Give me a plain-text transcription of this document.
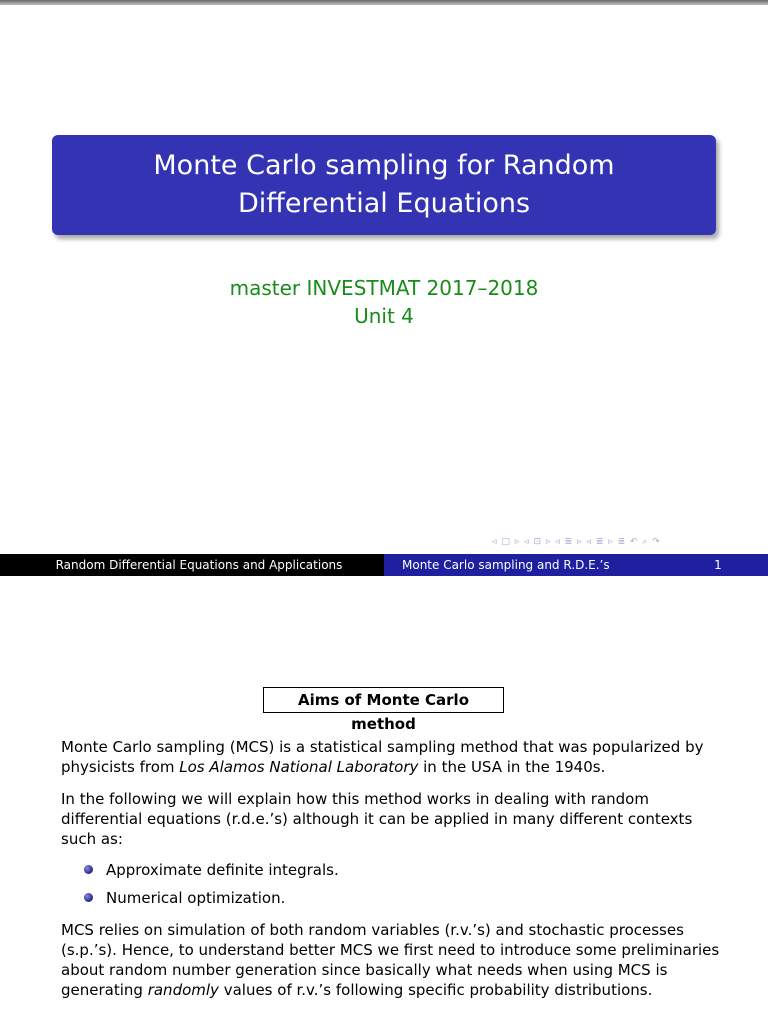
Monte Carlo sampling for Random Differential Equations
master INVESTMAT 2017–2018
Unit 4
◃ □ ▹ ◃ ⊡ ▹ ◃ ≣ ▹ ◃ ≣ ▹ ≣ ↶ ⌕ ↷
Random Differential Equations and Applications	Monte Carlo sampling and R.D.E.’s	1
Aims of Monte Carlo method
Monte Carlo sampling (MCS) is a statistical sampling method that was popularized by physicists from Los Alamos National Laboratory in the USA in the 1940s.
In the following we will explain how this method works in dealing with random differential equations (r.d.e.’s) although it can be applied in many different contexts such as:
Approximate definite integrals.
Numerical optimization.
MCS relies on simulation of both random variables (r.v.’s) and stochastic processes (s.p.’s). Hence, to understand better MCS we first need to introduce some preliminaries about random number generation since basically what needs when using MCS is generating randomly values of r.v.’s following specific probability distributions.
